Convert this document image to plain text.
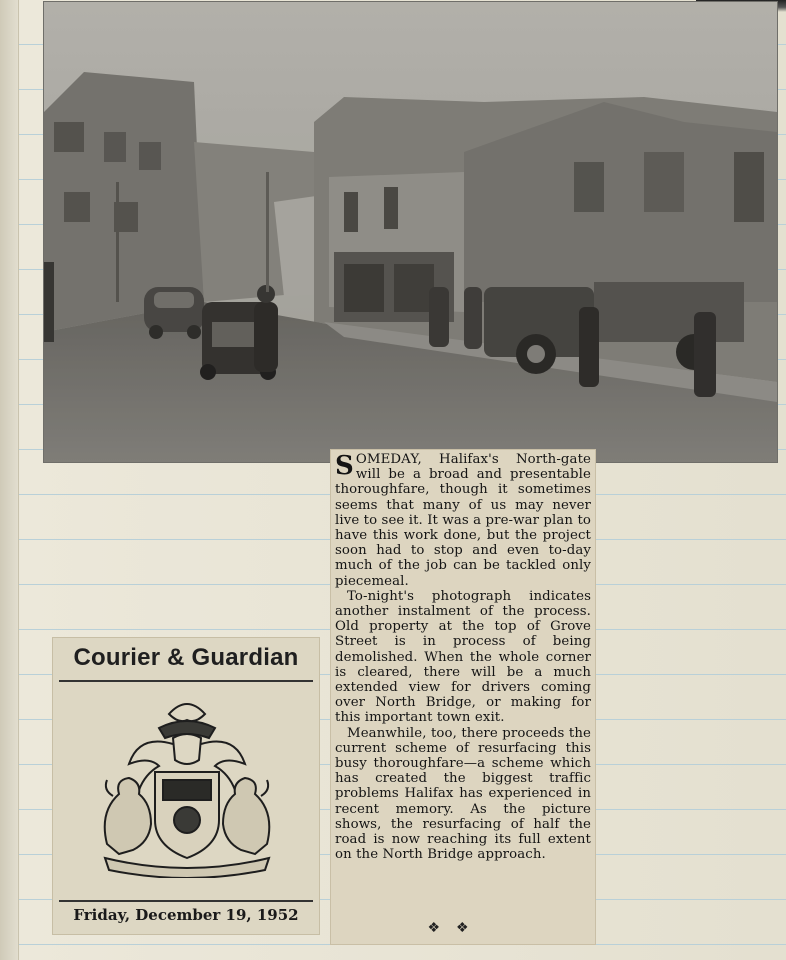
SOMEDAY, Halifax's North-gate will be a broad and presentable thoroughfare, though it sometimes seems that many of us may never live to see it. It was a pre-war plan to have this work done, but the project soon had to stop and even to-day much of the job can be tackled only piecemeal.

To-night's photograph indicates another instalment of the process. Old property at the top of Grove Street is in process of being demolished. When the whole corner is cleared, there will be a much extended view for drivers coming over North Bridge, or making for this important town exit.

Meanwhile, too, there proceeds the current scheme of resurfacing this busy thoroughfare—a scheme which has created the biggest traffic problems Halifax has experienced in recent memory. As the picture shows, the resurfacing of half the road is now reaching its full extent on the North Bridge approach.

❖❖
Courier & Guardian
Friday, December 19, 1952
